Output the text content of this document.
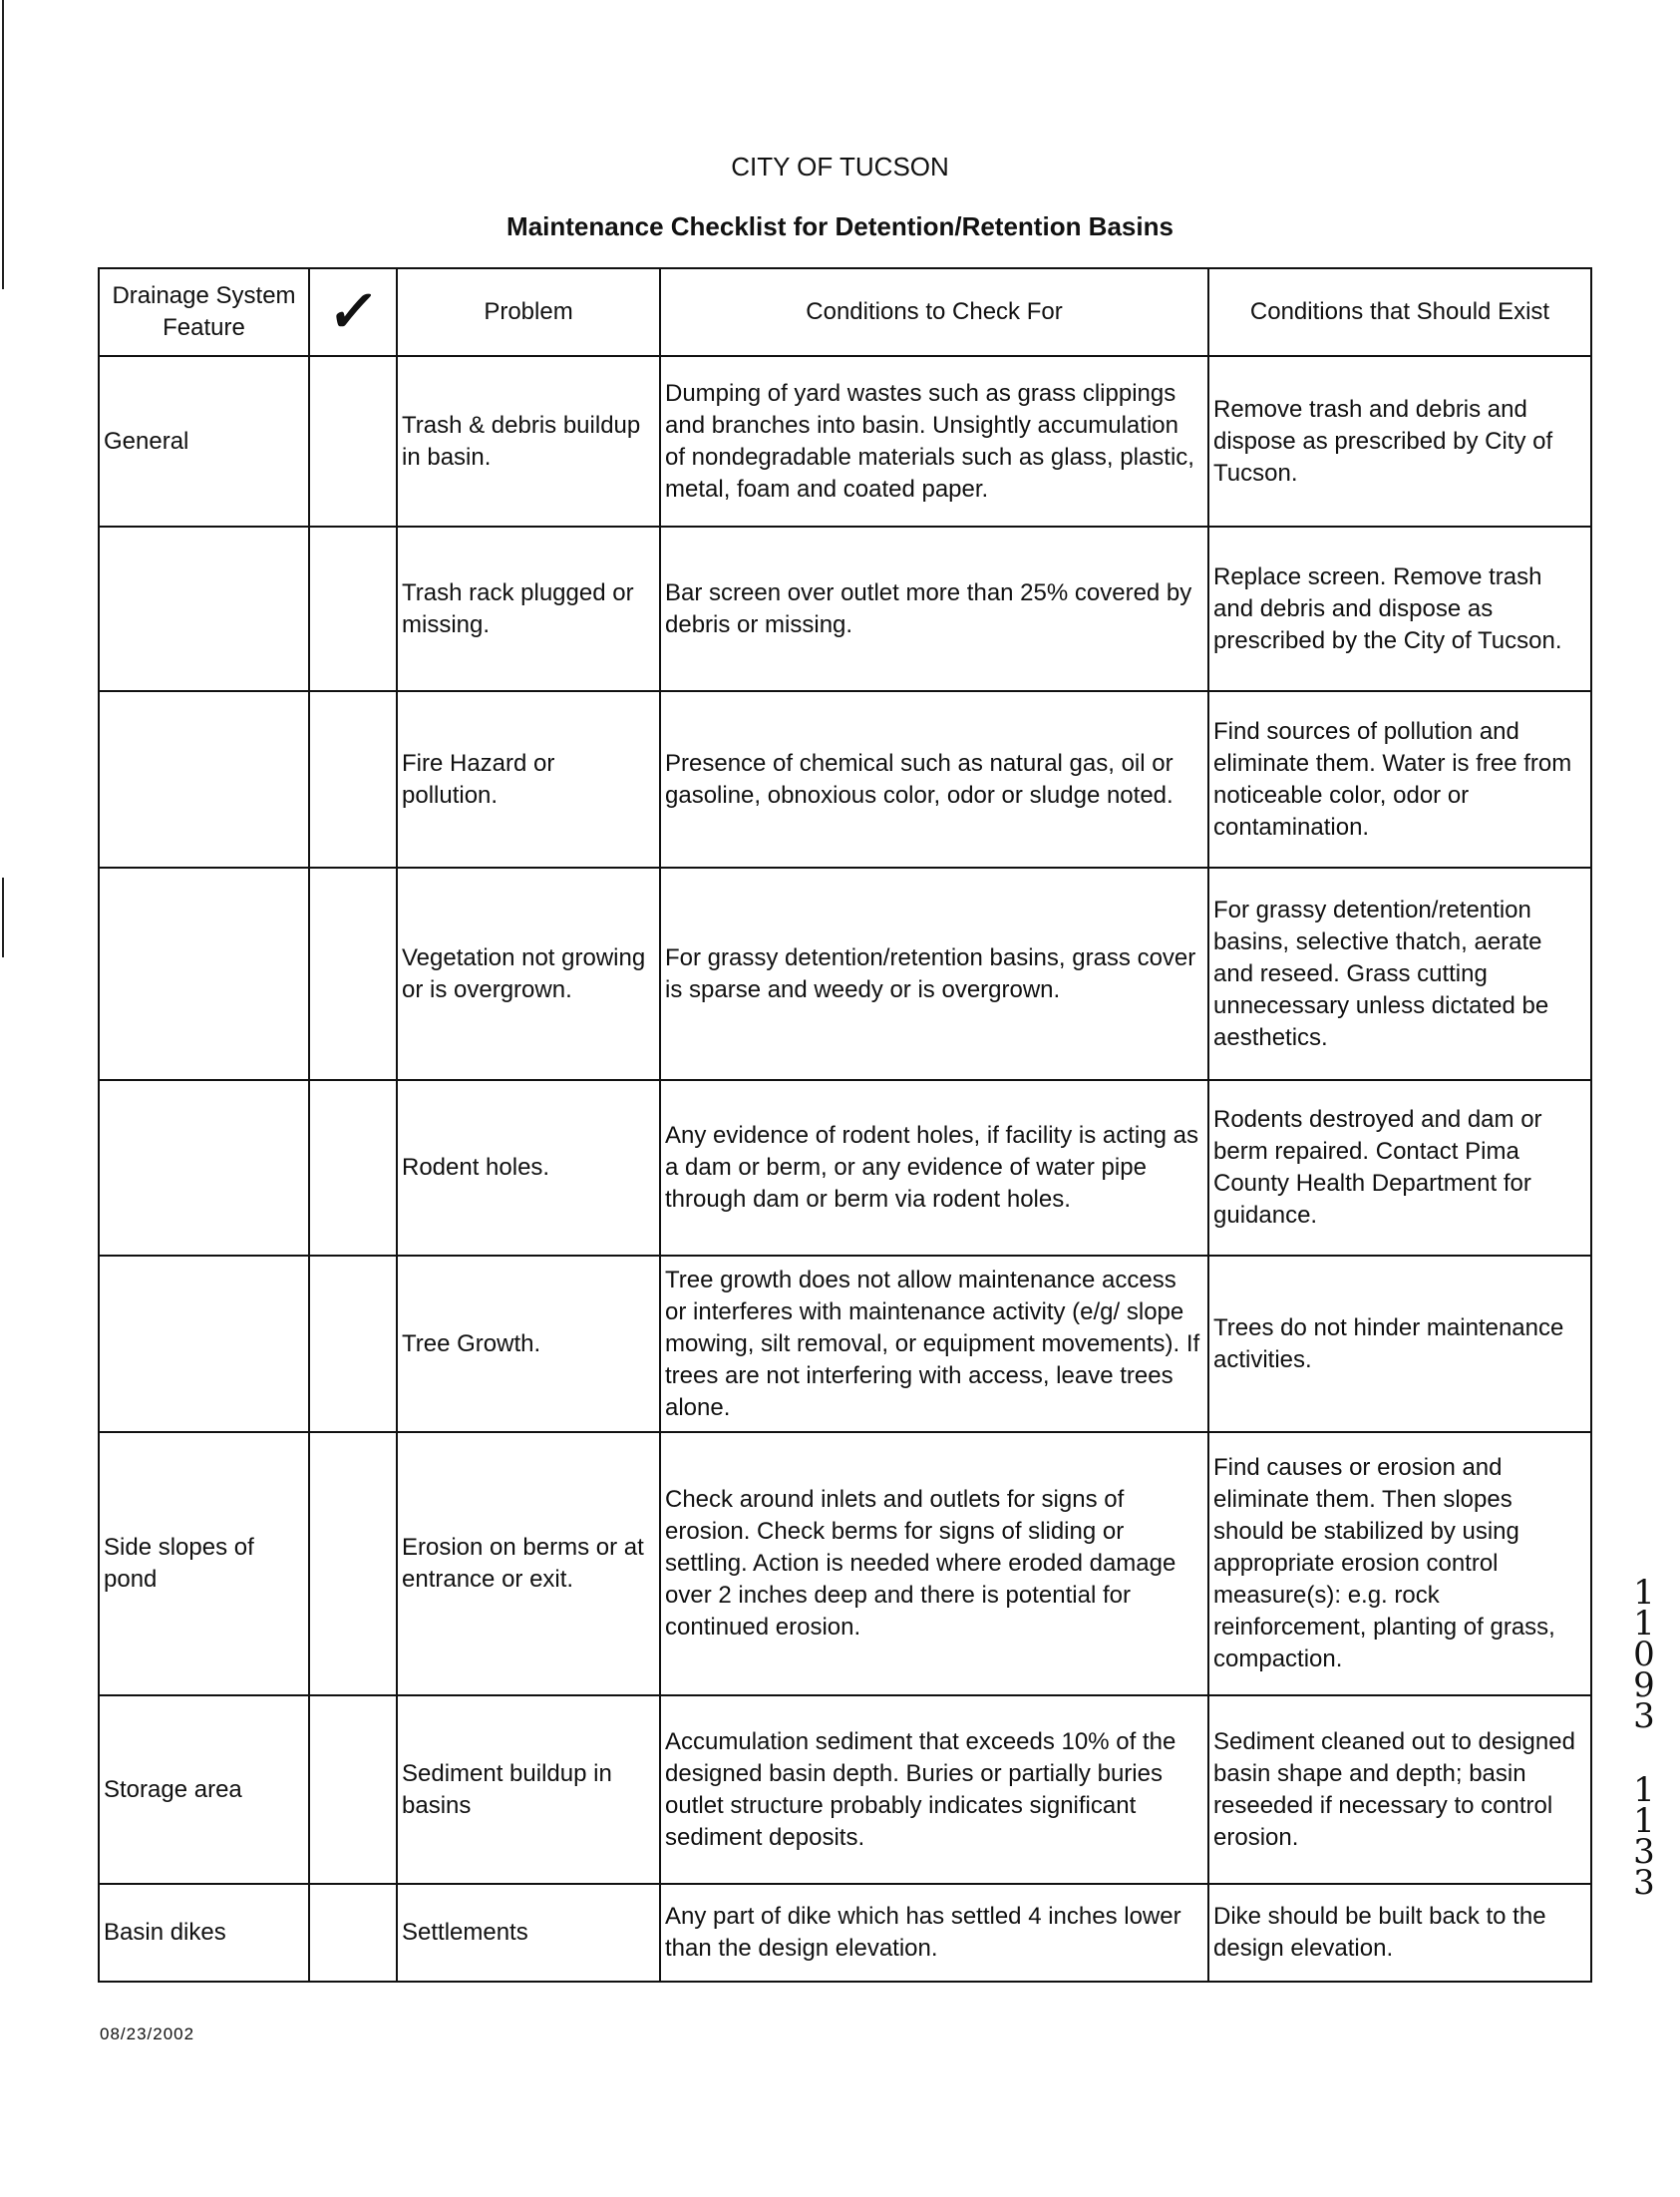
CITY OF TUCSON
Maintenance Checklist for Detention/Retention Basins
Drainage System Feature	✓	Problem	Conditions to Check For	Conditions that Should Exist
General		Trash & debris buildup in basin.	Dumping of yard wastes such as grass clippings and branches into basin. Unsightly accumulation of nondegradable materials such as glass, plastic, metal, foam and coated paper.	Remove trash and debris and dispose as prescribed by City of Tucson.
		Trash rack plugged or missing.	Bar screen over outlet more than 25% covered by debris or missing.	Replace screen. Remove trash and debris and dispose as prescribed by the City of Tucson.
		Fire Hazard or pollution.	Presence of chemical such as natural gas, oil or gasoline, obnoxious color, odor or sludge noted.	Find sources of pollution and eliminate them. Water is free from noticeable color, odor or contamination.
		Vegetation not growing or is overgrown.	For grassy detention/retention basins, grass cover is sparse and weedy or is overgrown.	For grassy detention/retention basins, selective thatch, aerate and reseed. Grass cutting unnecessary unless dictated be aesthetics.
		Rodent holes.	Any evidence of rodent holes, if facility is acting as a dam or berm, or any evidence of water pipe through dam or berm via rodent holes.	Rodents destroyed and dam or berm repaired. Contact Pima County Health Department for guidance.
		Tree Growth.	Tree growth does not allow maintenance access or interferes with maintenance activity (e/g/ slope mowing, silt removal, or equipment movements). If trees are not interfering with access, leave trees alone.	Trees do not hinder maintenance activities.
Side slopes of pond		Erosion on berms or at entrance or exit.	Check around inlets and outlets for signs of erosion. Check berms for signs of sliding or settling. Action is needed where eroded damage over 2 inches deep and there is potential for continued erosion.	Find causes or erosion and eliminate them. Then slopes should be stabilized by using appropriate erosion control measure(s): e.g. rock reinforcement, planting of grass, compaction.
Storage area		Sediment buildup in basins	Accumulation sediment that exceeds 10% of the designed basin depth. Buries or partially buries outlet structure probably indicates significant sediment deposits.	Sediment cleaned out to designed basin shape and depth; basin reseeded if necessary to control erosion.
Basin dikes		Settlements	Any part of dike which has settled 4 inches lower than the design elevation.	Dike should be built back to the design elevation.
08/23/2002
1
1
0
9
3
1
1
3
3
